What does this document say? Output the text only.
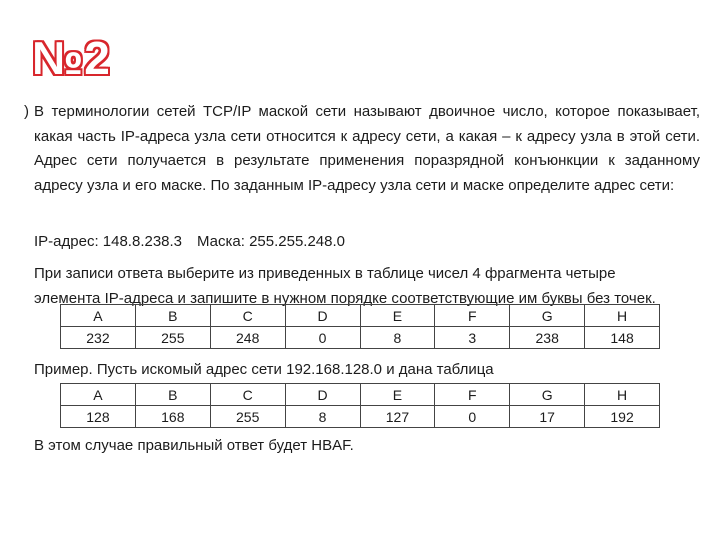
№2
) В терминологии сетей TCP/IP маской сети называют двоичное число, которое показывает, какая часть IP-адреса узла сети относится к адресу сети, а какая – к адресу узла в этой сети. Адрес сети получается в результате применения поразрядной конъюнкции к заданному адресу узла и его маске. По заданным IP-адресу узла сети и маске определите адрес сети:

IP-адрес: 148.8.238.3 Маска: 255.255.248.0

При записи ответа выберите из приведенных в таблице чисел 4 фрагмента четыре элемента IP-адреса и запишите в нужном порядке соответствующие им буквы без точек.

A	B	C	D	E	F	G	H
232	255	248	0	8	3	238	148
Пример. Пусть искомый адрес сети 192.168.128.0 и дана таблица
A	B	C	D	E	F	G	H
128	168	255	8	127	0	17	192
В этом случае правильный ответ будет HBAF.
